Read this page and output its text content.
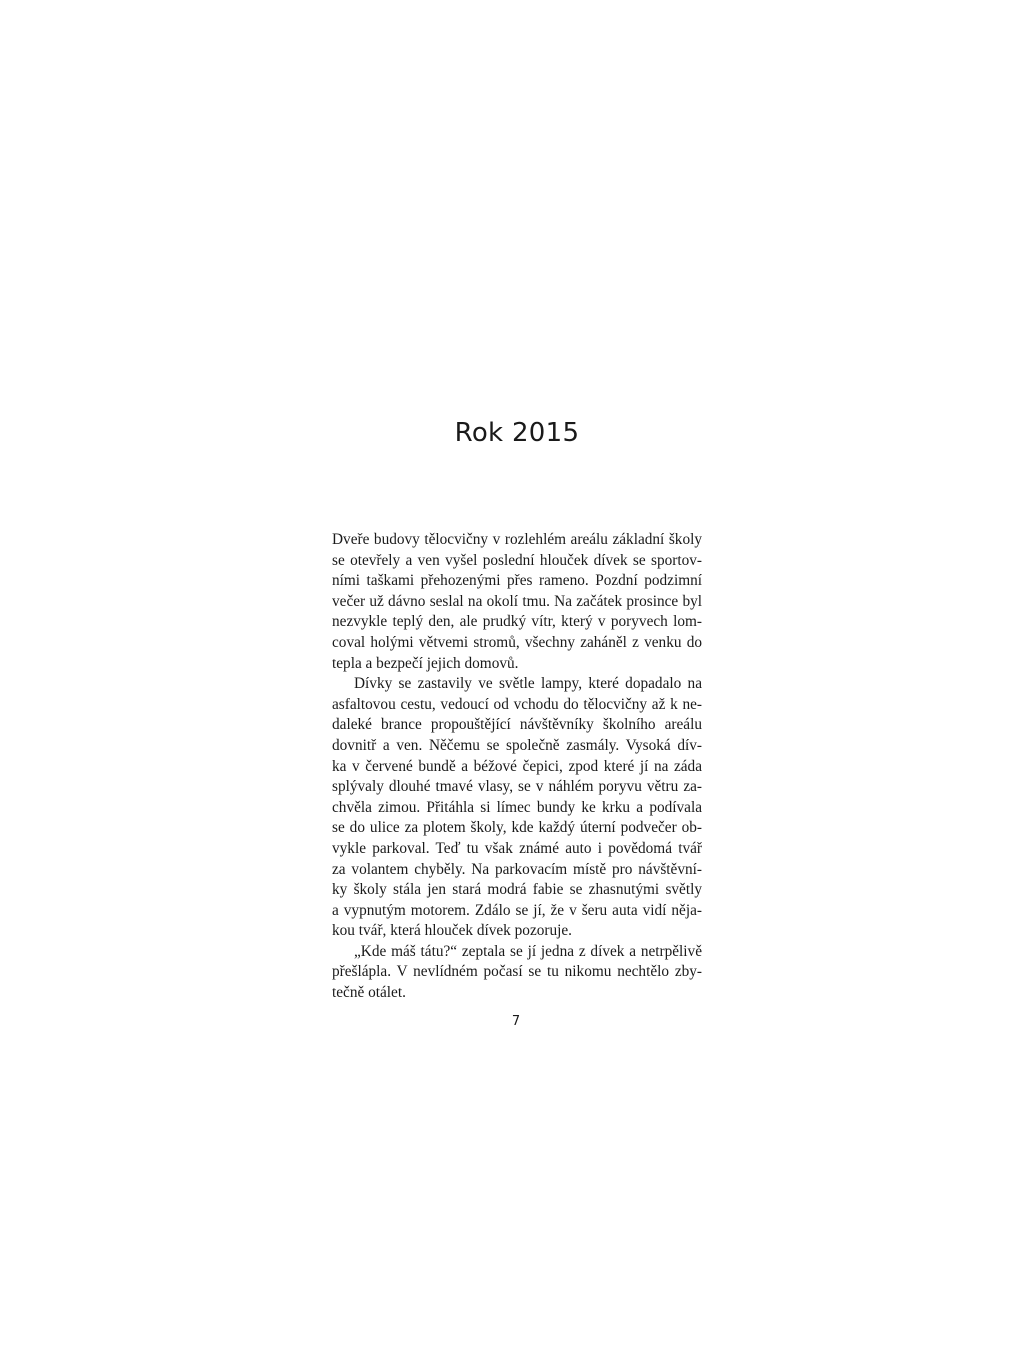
Rok 2015

Dveře budovy tělocvičny v rozlehlém areálu základní školy
se otevřely a ven vyšel poslední hlouček dívek se sportov-
ními taškami přehozenými přes rameno. Pozdní podzimní
večer už dávno seslal na okolí tmu. Na začátek prosince byl
nezvykle teplý den, ale prudký vítr, který v poryvech lom-
coval holými větvemi stromů, všechny zaháněl z venku do
tepla a bezpečí jejich domovů.

Dívky se zastavily ve světle lampy, které dopadalo na
asfaltovou cestu, vedoucí od vchodu do tělocvičny až k ne-
daleké brance propouštějící návštěvníky školního areálu
dovnitř a ven. Něčemu se společně zasmály. Vysoká dív-
ka v červené bundě a béžové čepici, zpod které jí na záda
splývaly dlouhé tmavé vlasy, se v náhlém poryvu větru za-
chvěla zimou. Přitáhla si límec bundy ke krku a podívala
se do ulice za plotem školy, kde každý úterní podvečer ob-
vykle parkoval. Teď tu však známé auto i povědomá tvář
za volantem chyběly. Na parkovacím místě pro návštěvní-
ky školy stála jen stará modrá fabie se zhasnutými světly
a vypnutým motorem. Zdálo se jí, že v šeru auta vidí něja-
kou tvář, která hlouček dívek pozoruje.

„Kde máš tátu?“ zeptala se jí jedna z dívek a netrpělivě
přešlápla. V nevlídném počasí se tu nikomu nechtělo zby-
tečně otálet.

7
